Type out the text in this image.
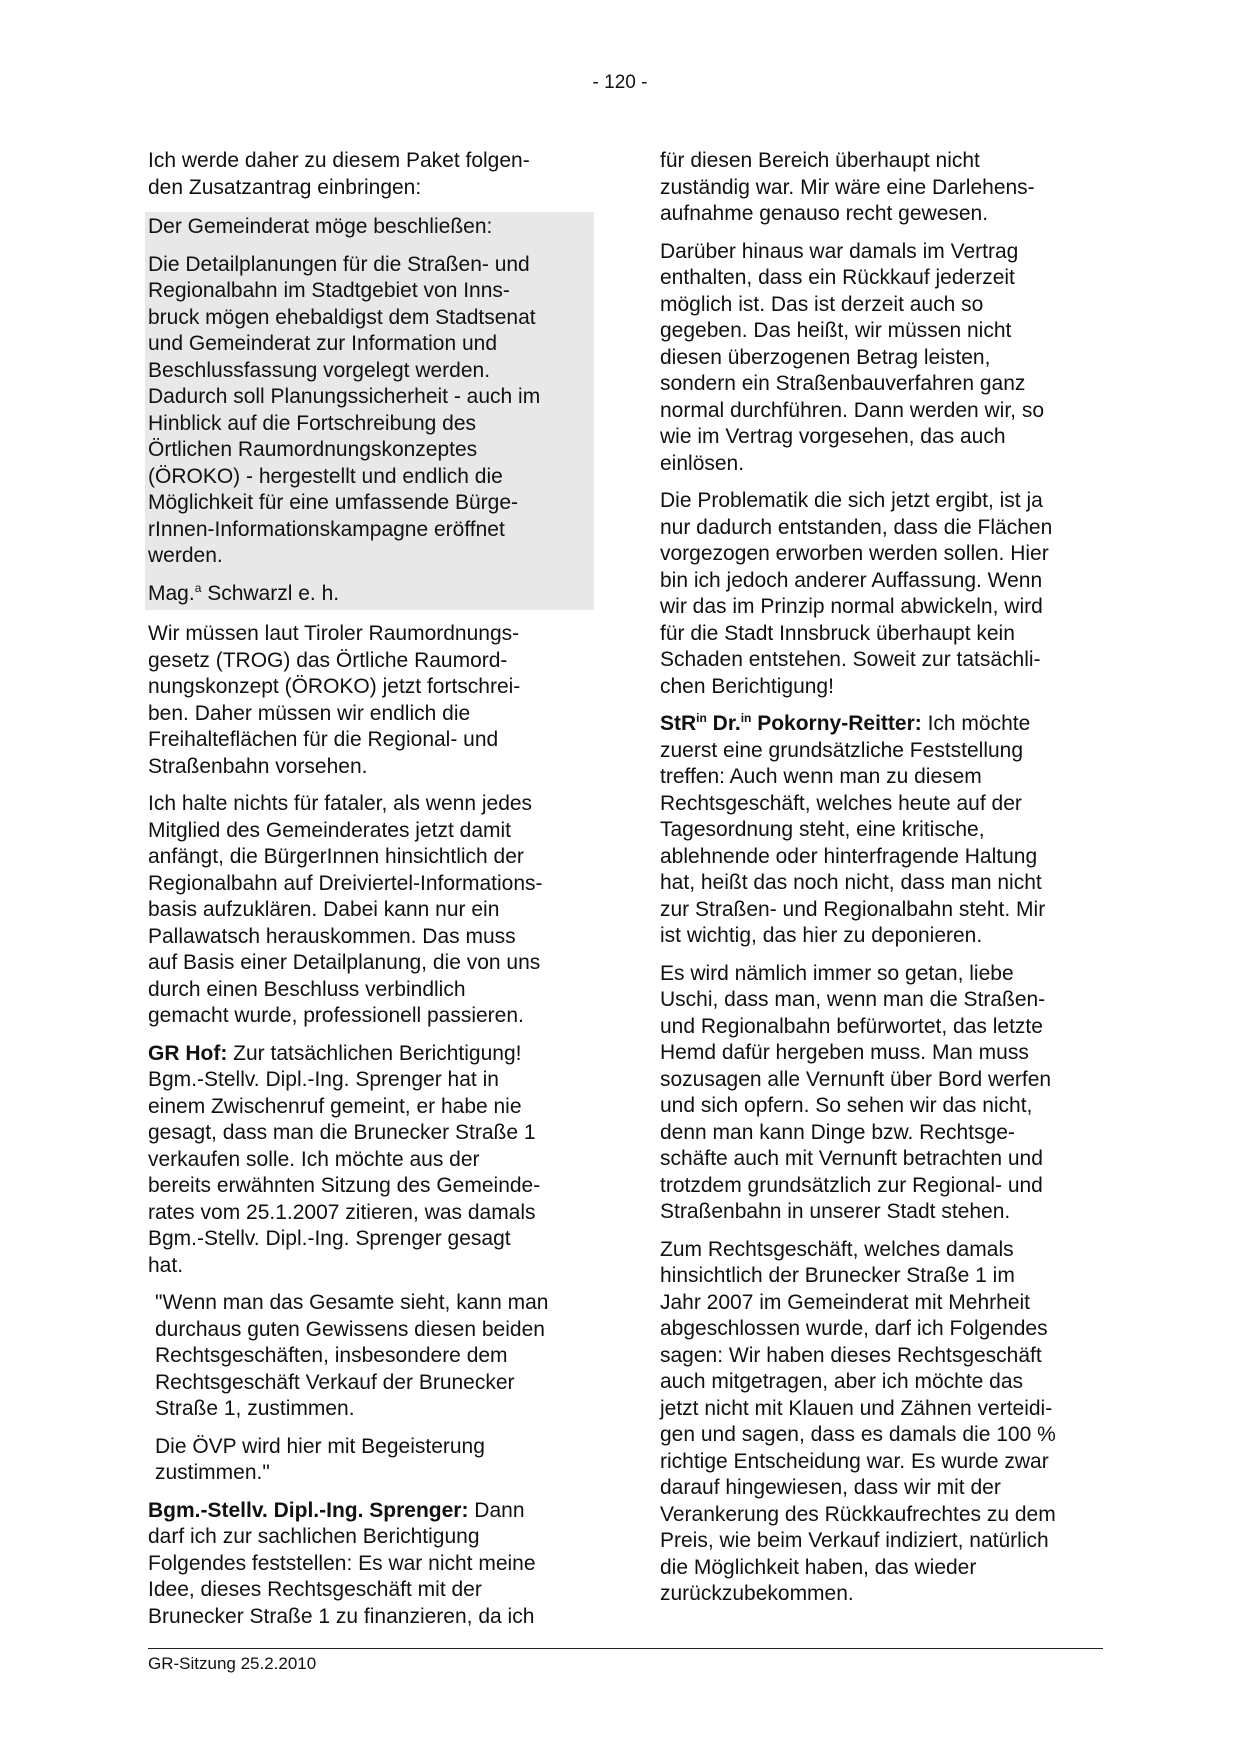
- 120 -

Ich werde daher zu diesem Paket folgen-
den Zusatzantrag einbringen:

Der Gemeinderat möge beschließen:

Die Detailplanungen für die Straßen- und
Regionalbahn im Stadtgebiet von Inns-
bruck mögen ehebaldigst dem Stadtsenat
und Gemeinderat zur Information und
Beschlussfassung vorgelegt werden.
Dadurch soll Planungssicherheit - auch im
Hinblick auf die Fortschreibung des
Örtlichen Raumordnungskonzeptes
(ÖROKO) - hergestellt und endlich die
Möglichkeit für eine umfassende Bürge-
rInnen-Informationskampagne eröffnet
werden.

Mag.$^a$ Schwarzl e. h.

Wir müssen laut Tiroler Raumordnungs-
gesetz (TROG) das Örtliche Raumord-
nungskonzept (ÖROKO) jetzt fortschrei-
ben. Daher müssen wir endlich die
Freihalteflächen für die Regional- und
Straßenbahn vorsehen.

Ich halte nichts für fataler, als wenn jedes
Mitglied des Gemeinderates jetzt damit
anfängt, die BürgerInnen hinsichtlich der
Regionalbahn auf Dreiviertel-Informations-
basis aufzuklären. Dabei kann nur ein
Pallawatsch herauskommen. Das muss
auf Basis einer Detailplanung, die von uns
durch einen Beschluss verbindlich
gemacht wurde, professionell passieren.

GR Hof: Zur tatsächlichen Berichtigung!
Bgm.-Stellv. Dipl.-Ing. Sprenger hat in
einem Zwischenruf gemeint, er habe nie
gesagt, dass man die Brunecker Straße 1
verkaufen solle. Ich möchte aus der
bereits erwähnten Sitzung des Gemeinde-
rates vom 25.1.2007 zitieren, was damals
Bgm.-Stellv. Dipl.-Ing. Sprenger gesagt
hat.

"Wenn man das Gesamte sieht, kann man
durchaus guten Gewissens diesen beiden
Rechtsgeschäften, insbesondere dem
Rechtsgeschäft Verkauf der Brunecker
Straße 1, zustimmen.

Die ÖVP wird hier mit Begeisterung
zustimmen."

Bgm.-Stellv. Dipl.-Ing. Sprenger: Dann
darf ich zur sachlichen Berichtigung
Folgendes feststellen: Es war nicht meine
Idee, dieses Rechtsgeschäft mit der
Brunecker Straße 1 zu finanzieren, da ich

für diesen Bereich überhaupt nicht
zuständig war. Mir wäre eine Darlehens-
aufnahme genauso recht gewesen.

Darüber hinaus war damals im Vertrag
enthalten, dass ein Rückkauf jederzeit
möglich ist. Das ist derzeit auch so
gegeben. Das heißt, wir müssen nicht
diesen überzogenen Betrag leisten,
sondern ein Straßenbauverfahren ganz
normal durchführen. Dann werden wir, so
wie im Vertrag vorgesehen, das auch
einlösen.

Die Problematik die sich jetzt ergibt, ist ja
nur dadurch entstanden, dass die Flächen
vorgezogen erworben werden sollen. Hier
bin ich jedoch anderer Auffassung. Wenn
wir das im Prinzip normal abwickeln, wird
für die Stadt Innsbruck überhaupt kein
Schaden entstehen. Soweit zur tatsächli-
chen Berichtigung!

StR$^{in}$ Dr.$^{in}$ Pokorny-Reitter: Ich möchte
zuerst eine grundsätzliche Feststellung
treffen: Auch wenn man zu diesem
Rechtsgeschäft, welches heute auf der
Tagesordnung steht, eine kritische,
ablehnende oder hinterfragende Haltung
hat, heißt das noch nicht, dass man nicht
zur Straßen- und Regionalbahn steht. Mir
ist wichtig, das hier zu deponieren.

Es wird nämlich immer so getan, liebe
Uschi, dass man, wenn man die Straßen-
und Regionalbahn befürwortet, das letzte
Hemd dafür hergeben muss. Man muss
sozusagen alle Vernunft über Bord werfen
und sich opfern. So sehen wir das nicht,
denn man kann Dinge bzw. Rechtsge-
schäfte auch mit Vernunft betrachten und
trotzdem grundsätzlich zur Regional- und
Straßenbahn in unserer Stadt stehen.

Zum Rechtsgeschäft, welches damals
hinsichtlich der Brunecker Straße 1 im
Jahr 2007 im Gemeinderat mit Mehrheit
abgeschlossen wurde, darf ich Folgendes
sagen: Wir haben dieses Rechtsgeschäft
auch mitgetragen, aber ich möchte das
jetzt nicht mit Klauen und Zähnen verteidi-
gen und sagen, dass es damals die 100 %
richtige Entscheidung war. Es wurde zwar
darauf hingewiesen, dass wir mit der
Verankerung des Rückkaufrechtes zu dem
Preis, wie beim Verkauf indiziert, natürlich
die Möglichkeit haben, das wieder
zurückzubekommen.

GR-Sitzung 25.2.2010
